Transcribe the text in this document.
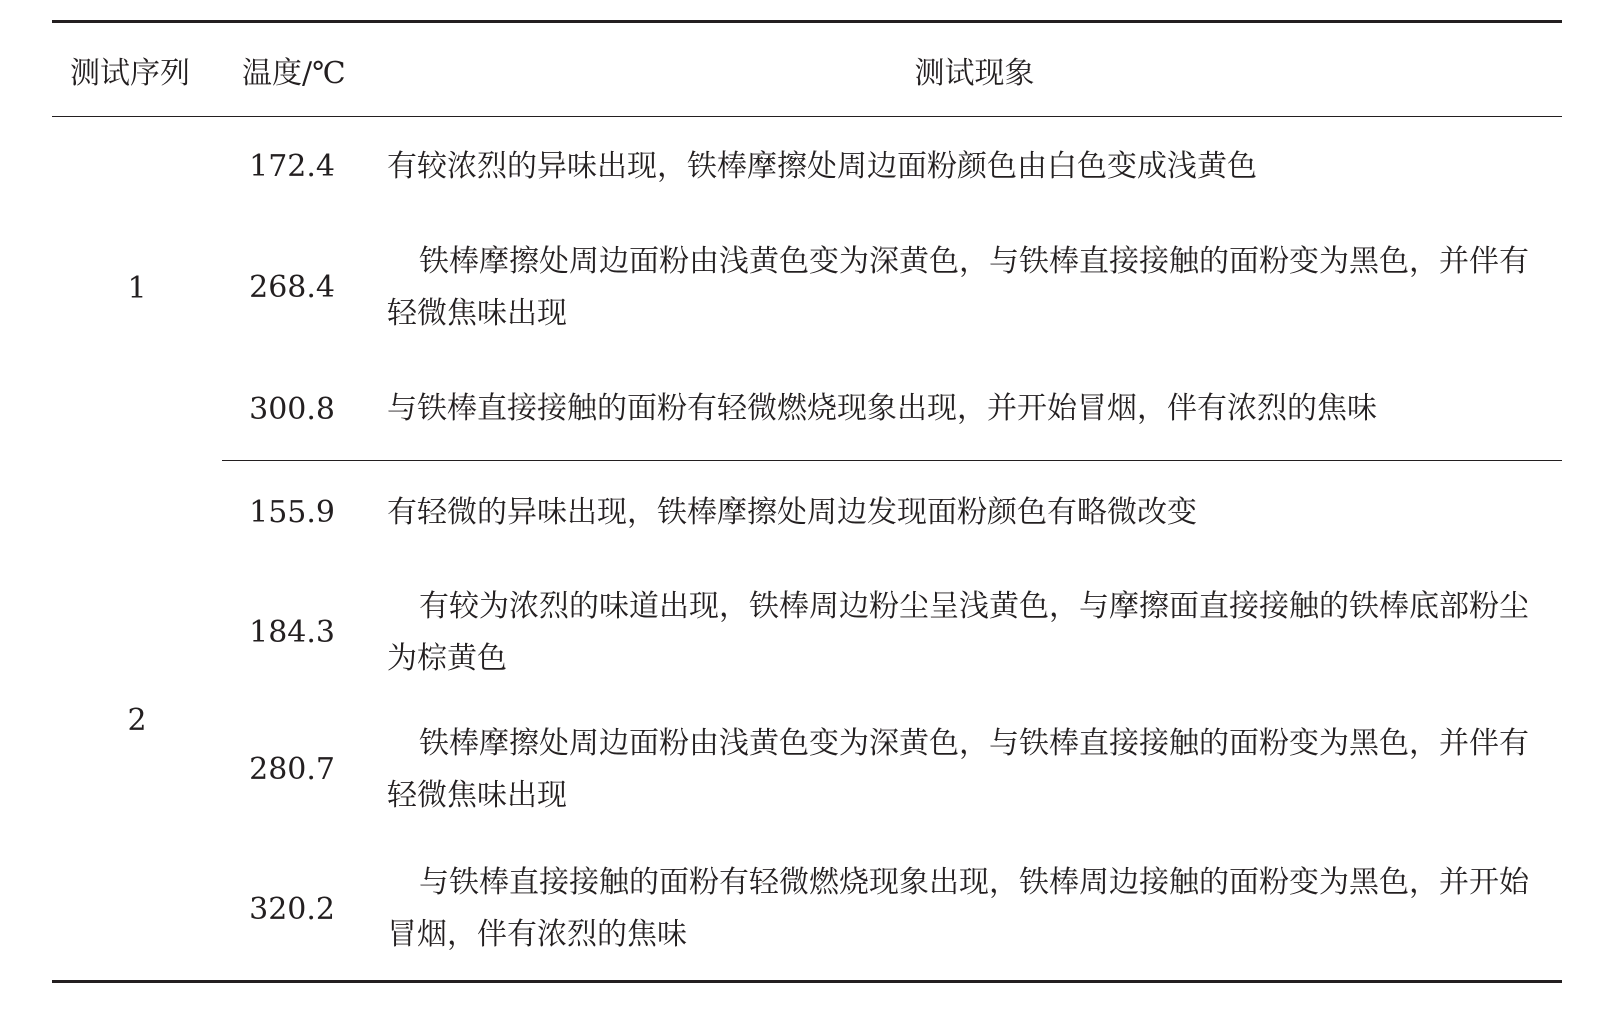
测试序列	温度/℃	测试现象
1	172.4	有较浓烈的异味出现，铁棒摩擦处周边面粉颜色由白色变成浅黄色
	268.4	铁棒摩擦处周边面粉由浅黄色变为深黄色，与铁棒直接接触的面粉变为黑色，并伴有轻微焦味出现
	300.8	与铁棒直接接触的面粉有轻微燃烧现象出现，并开始冒烟，伴有浓烈的焦味
2	155.9	有轻微的异味出现，铁棒摩擦处周边发现面粉颜色有略微改变
	184.3	有较为浓烈的味道出现，铁棒周边粉尘呈浅黄色，与摩擦面直接接触的铁棒底部粉尘为棕黄色
	280.7	铁棒摩擦处周边面粉由浅黄色变为深黄色，与铁棒直接接触的面粉变为黑色，并伴有轻微焦味出现
	320.2	与铁棒直接接触的面粉有轻微燃烧现象出现，铁棒周边接触的面粉变为黑色，并开始冒烟，伴有浓烈的焦味
